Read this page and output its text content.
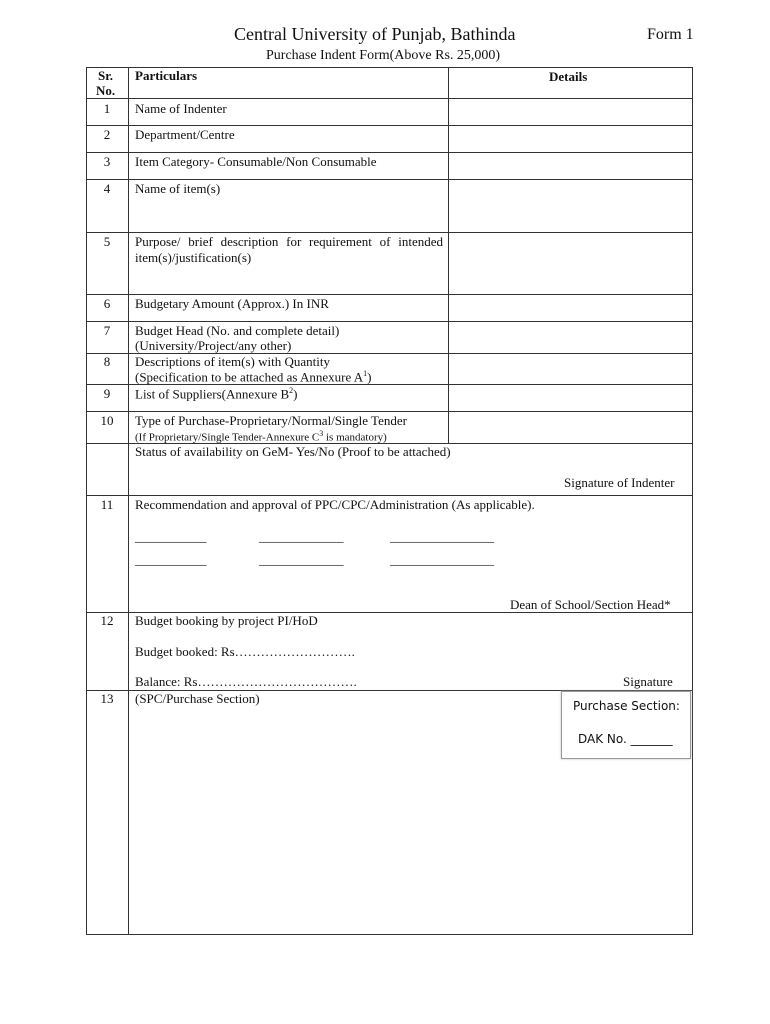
Central University of Punjab, Bathinda	Form 1
Purchase Indent Form(Above Rs. 25,000)
Sr.
No.
Particulars	Details
1	Name of Indenter
2	Department/Centre
3	Item Category- Consumable/Non Consumable
4	Name of item(s)
5	Purpose/ brief description for requirement of intended item(s)/justification(s)
6	Budgetary Amount (Approx.) In INR
7	Budget Head (No. and complete detail)
(University/Project/any other)
8	Descriptions of item(s) with Quantity
(Specification to be attached as Annexure $A^1$)
9	List of Suppliers(Annexure $B^2$)
10	Type of Purchase-Proprietary/Normal/Single Tender
(If Proprietary/Single Tender-Annexure $C^3$ is mandatory)
Status of availability on GeM- Yes/No (Proof to be attached)
Signature of Indenter
11	Recommendation and approval of PPC/CPC/Administration (As applicable).
___________	_____________	________________
___________	_____________	________________
Dean of School/Section Head*
12	Budget booking by project PI/HoD
Budget booked: Rs……………………….
Balance: Rs……………………………….	Signature
13	(SPC/Purchase Section)	Purchase Section:
DAK No. _______
